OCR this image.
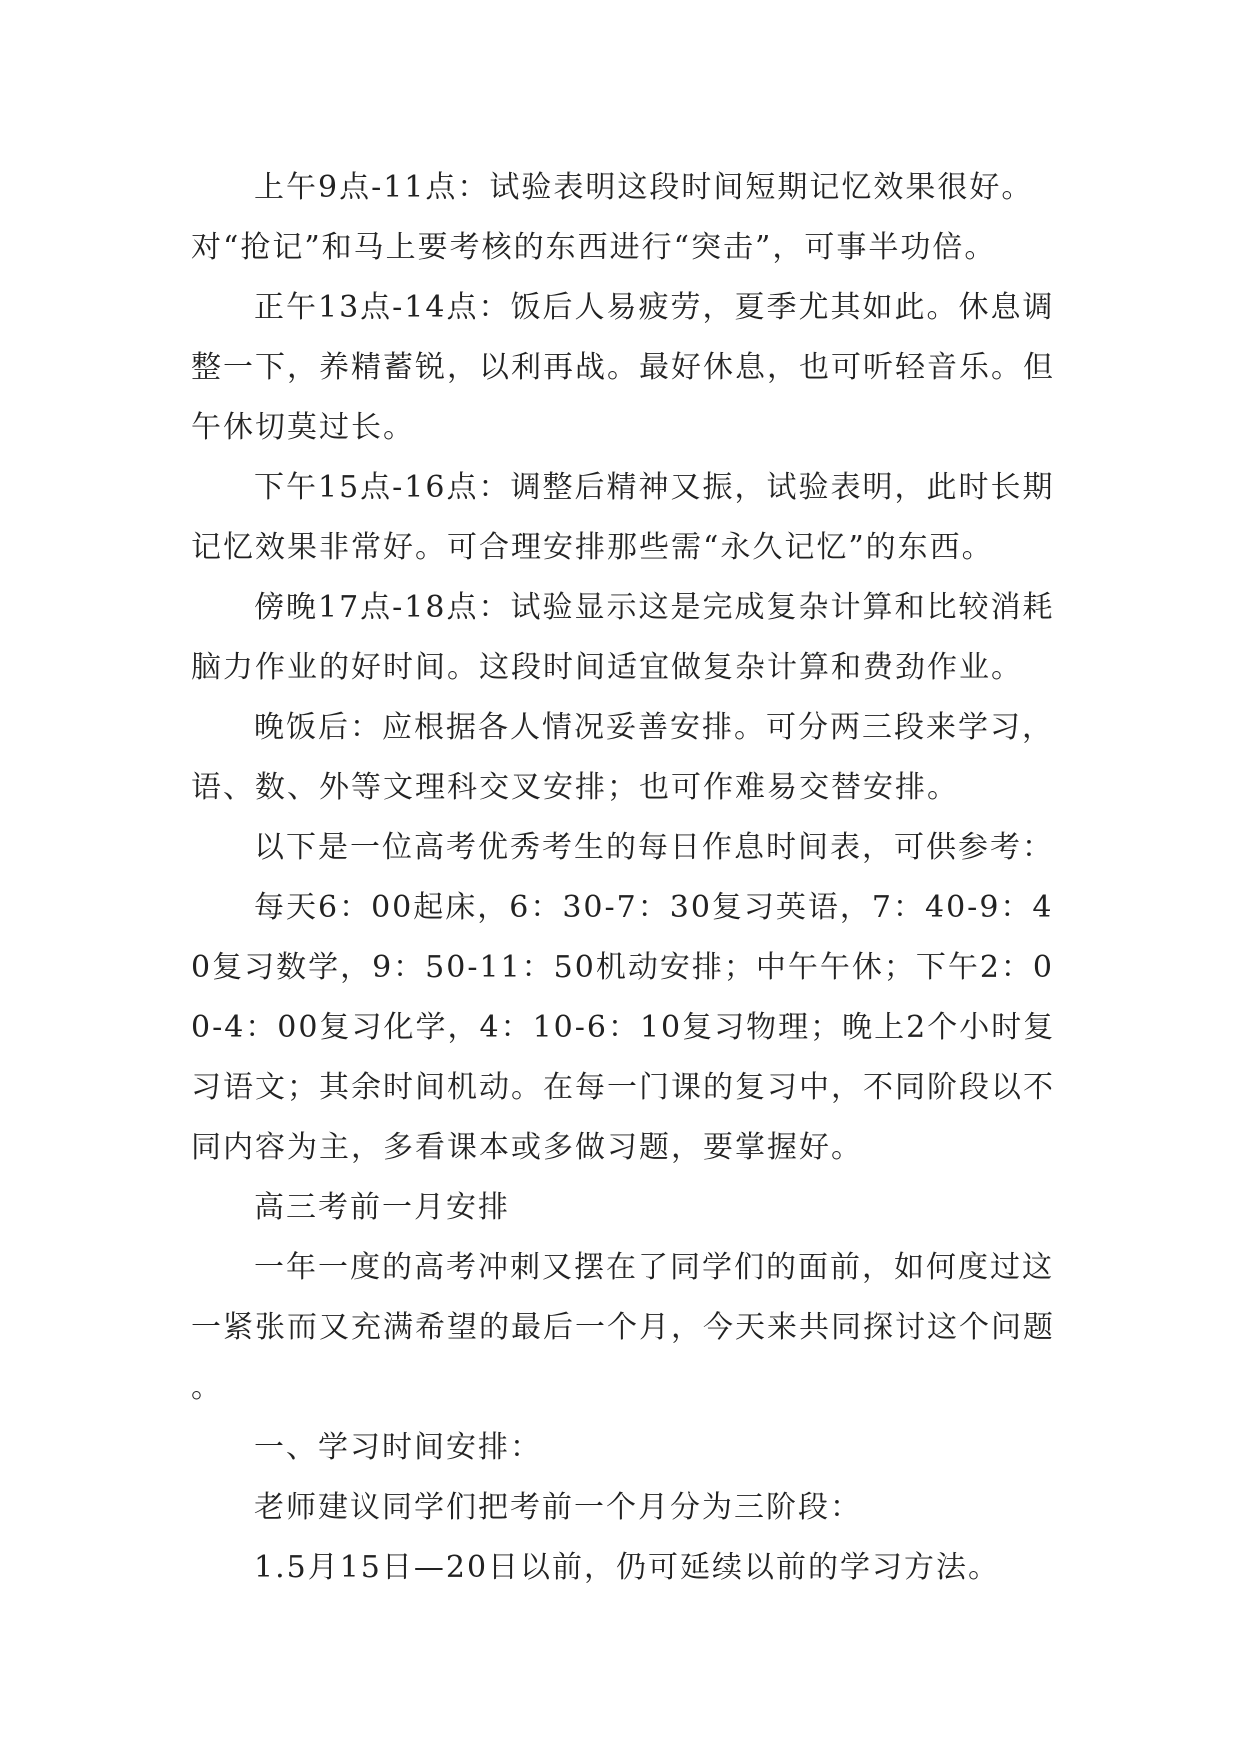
上午9点-11点：试验表明这段时间短期记忆效果很好。对“抢记”和马上要考核的东西进行“突击”，可事半功倍。

正午13点-14点：饭后人易疲劳，夏季尤其如此。休息调整一下，养精蓄锐，以利再战。最好休息，也可听轻音乐。但午休切莫过长。

下午15点-16点：调整后精神又振，试验表明，此时长期记忆效果非常好。可合理安排那些需“永久记忆”的东西。

傍晚17点-18点：试验显示这是完成复杂计算和比较消耗脑力作业的好时间。这段时间适宜做复杂计算和费劲作业。

晚饭后：应根据各人情况妥善安排。可分两三段来学习，语、数、外等文理科交叉安排；也可作难易交替安排。

以下是一位高考优秀考生的每日作息时间表，可供参考：

每天6：00起床，6：30-7：30复习英语，7：40-9：40复习数学，9：50-11：50机动安排；中午午休；下午2：00-4：00复习化学，4：10-6：10复习物理；晚上2个小时复习语文；其余时间机动。在每一门课的复习中，不同阶段以不同内容为主，多看课本或多做习题，要掌握好。

高三考前一月安排

一年一度的高考冲刺又摆在了同学们的面前，如何度过这一紧张而又充满希望的最后一个月，今天来共同探讨这个问题。

一、学习时间安排：

老师建议同学们把考前一个月分为三阶段：

1.5月15日—20日以前，仍可延续以前的学习方法。
